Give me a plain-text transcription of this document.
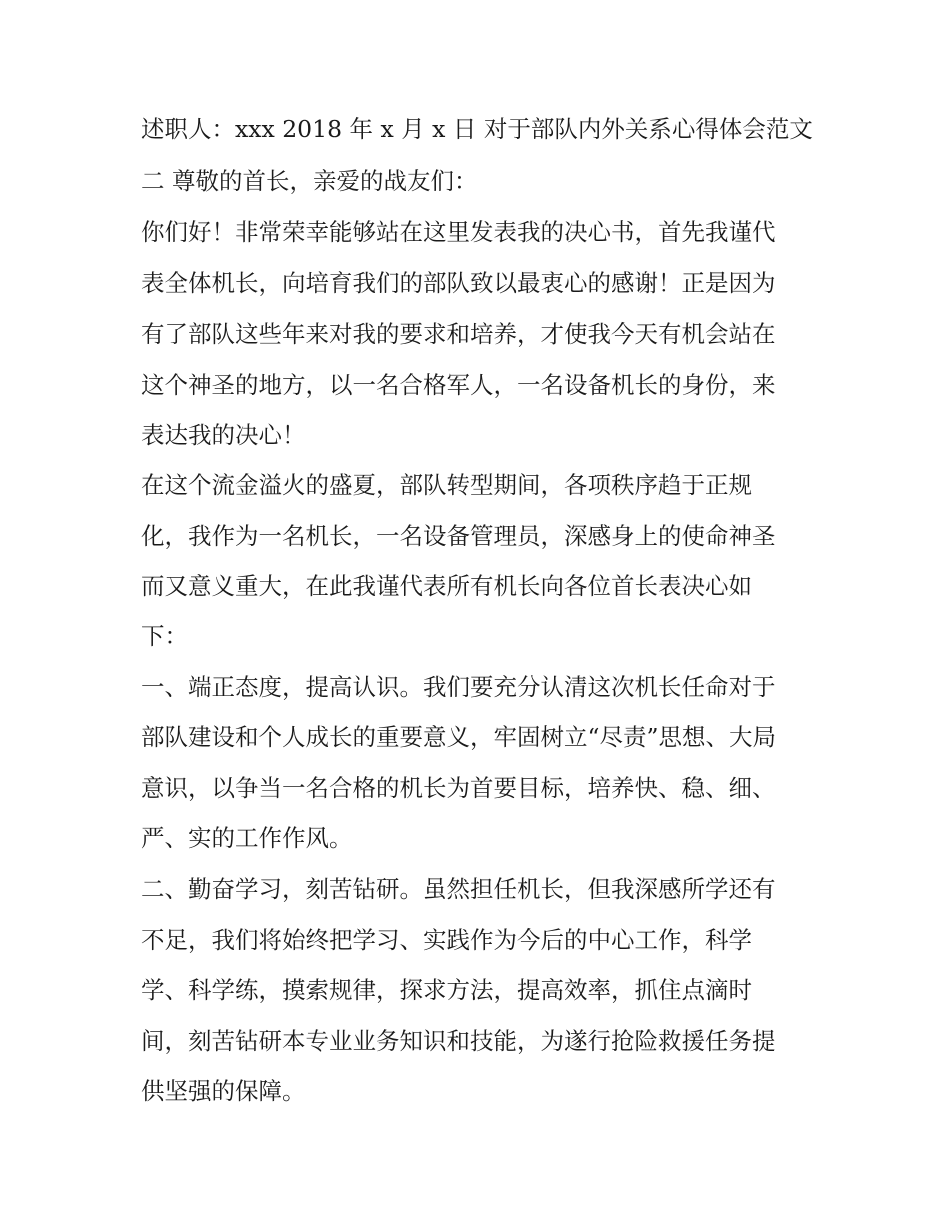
述职人：xxx 2018 年 x 月 x 日 对于部队内外关系心得体会范文
二 尊敬的首长，亲爱的战友们：
你们好！非常荣幸能够站在这里发表我的决心书，首先我谨代
表全体机长，向培育我们的部队致以最衷心的感谢！正是因为
有了部队这些年来对我的要求和培养，才使我今天有机会站在
这个神圣的地方，以一名合格军人，一名设备机长的身份，来
表达我的决心！
在这个流金溢火的盛夏，部队转型期间，各项秩序趋于正规
化，我作为一名机长，一名设备管理员，深感身上的使命神圣
而又意义重大，在此我谨代表所有机长向各位首长表决心如
下：
一、端正态度，提高认识。我们要充分认清这次机长任命对于
部队建设和个人成长的重要意义，牢固树立“尽责”思想、大局
意识，以争当一名合格的机长为首要目标，培养快、稳、细、
严、实的工作作风。
二、勤奋学习，刻苦钻研。虽然担任机长，但我深感所学还有
不足，我们将始终把学习、实践作为今后的中心工作，科学
学、科学练，摸索规律，探求方法，提高效率，抓住点滴时
间，刻苦钻研本专业业务知识和技能，为遂行抢险救援任务提
供坚强的保障。
